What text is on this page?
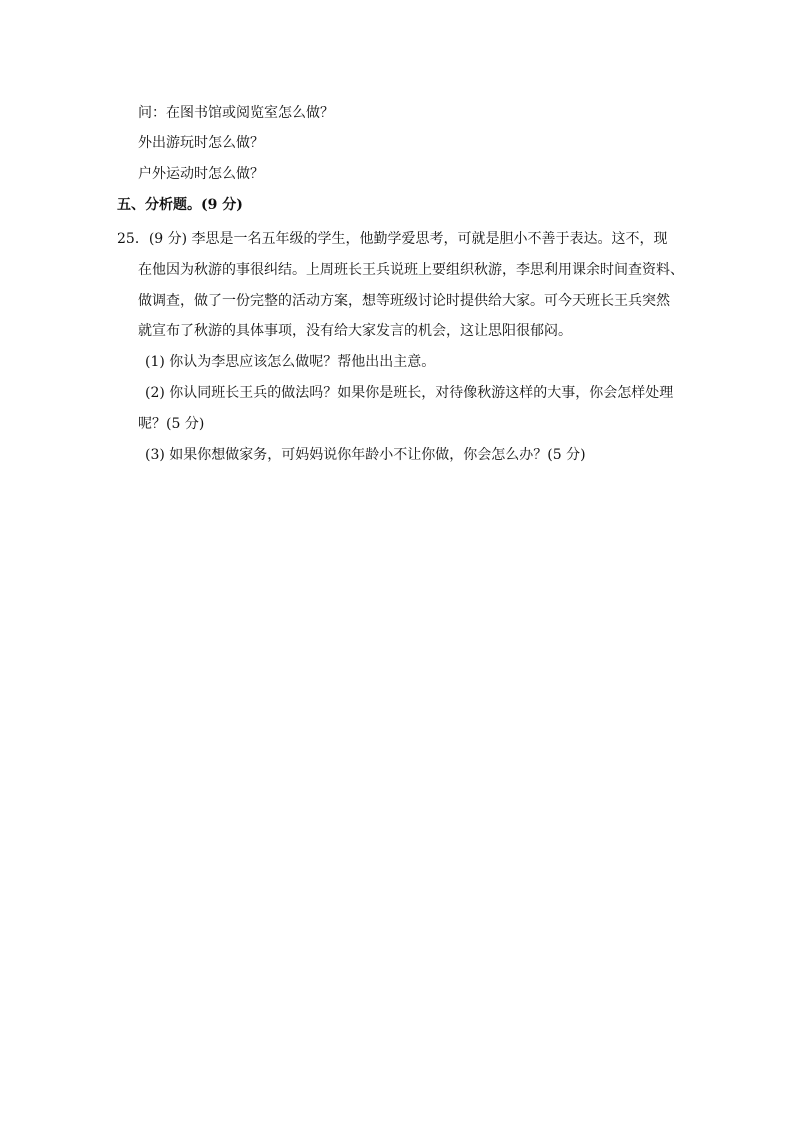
问：在图书馆或阅览室怎么做？
外出游玩时怎么做？
户外运动时怎么做？
五、分析题。(9 分)
25．(9 分) 李思是一名五年级的学生，他勤学爱思考，可就是胆小不善于表达。这不，现
在他因为秋游的事很纠结。上周班长王兵说班上要组织秋游，李思利用课余时间查资料、
做调查，做了一份完整的活动方案，想等班级讨论时提供给大家。可今天班长王兵突然
就宣布了秋游的具体事项，没有给大家发言的机会，这让思阳很郁闷。
(1) 你认为李思应该怎么做呢？帮他出出主意。
(2) 你认同班长王兵的做法吗？如果你是班长，对待像秋游这样的大事，你会怎样处理
呢？(5 分)
(3) 如果你想做家务，可妈妈说你年龄小不让你做，你会怎么办？(5 分)
